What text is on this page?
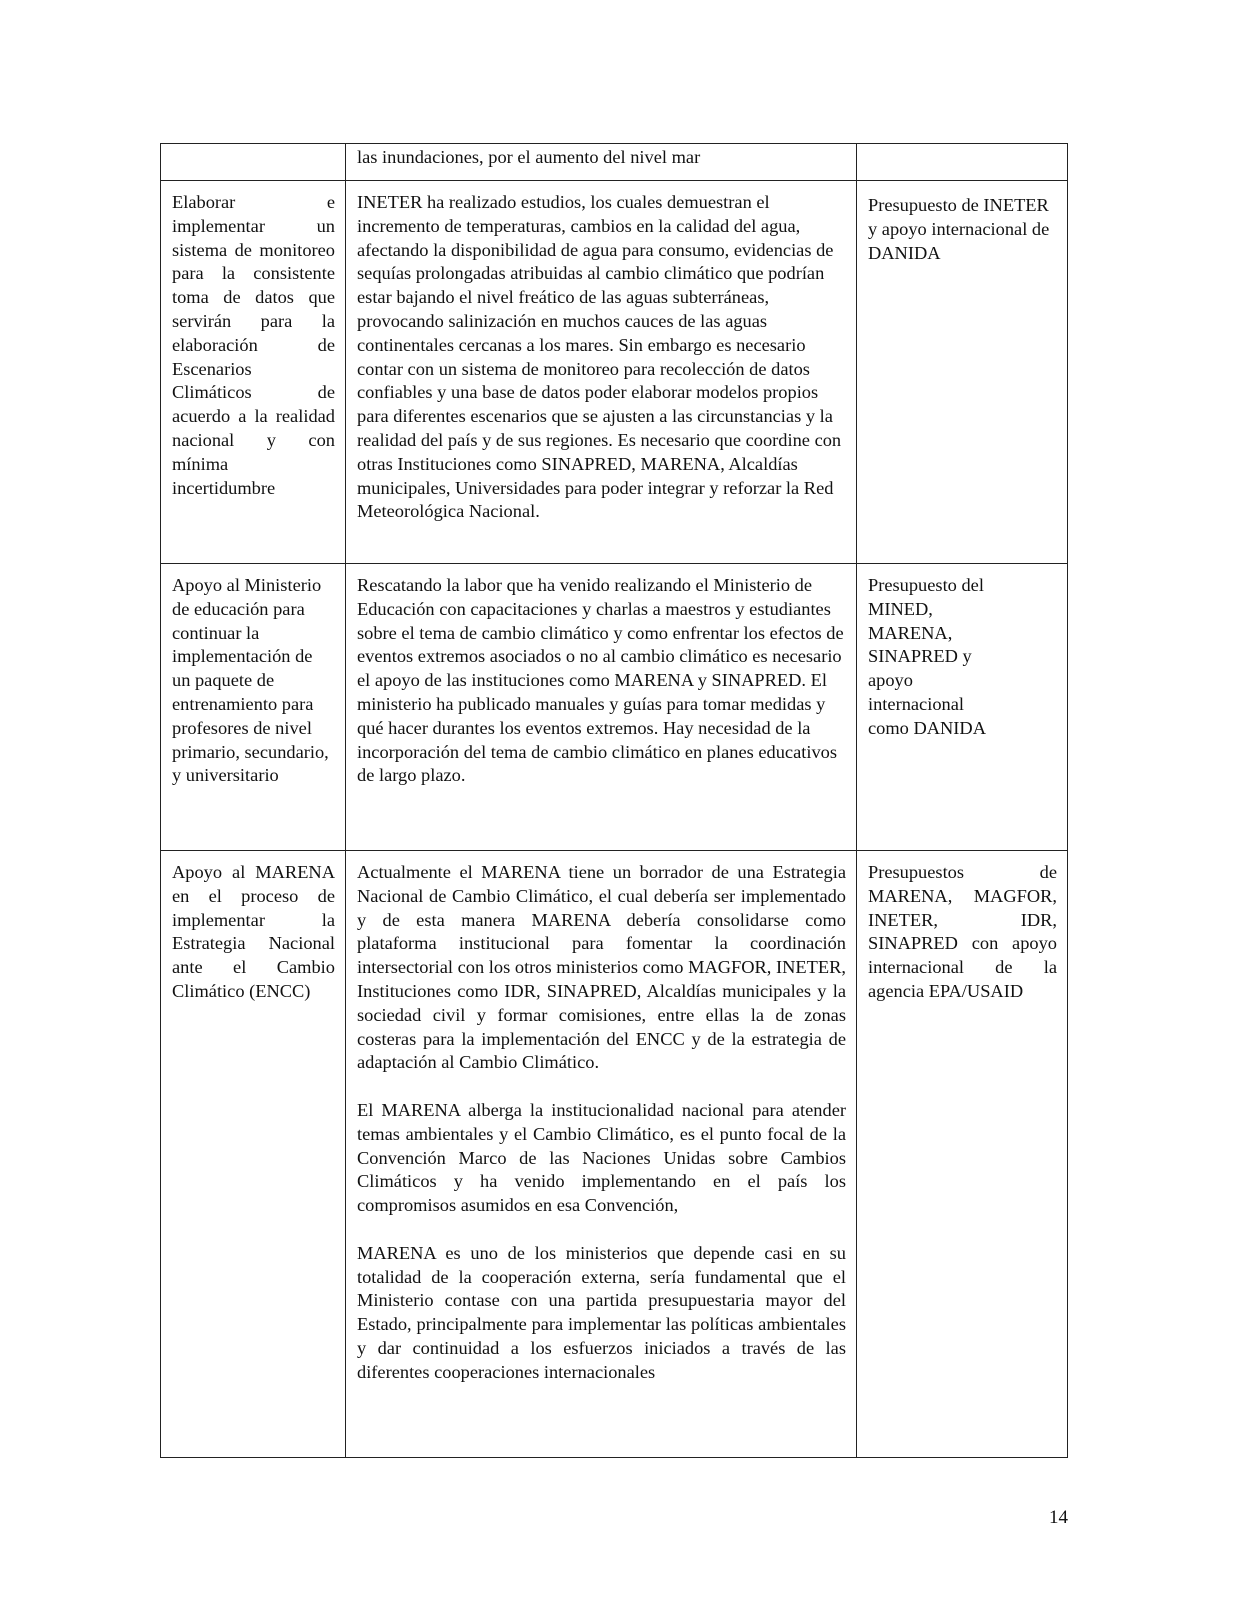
	las inundaciones, por el aumento del nivel mar	

Elaborar e implementar un sistema de monitoreo para la consistente toma de datos que servirán para la elaboración de Escenarios Climáticos de acuerdo a la realidad nacional y con mínima incertidumbre	INETER ha realizado estudios, los cuales demuestran el incremento de temperaturas, cambios en la calidad del agua, afectando la disponibilidad de agua para consumo, evidencias de sequías prolongadas atribuidas al cambio climático que podrían estar bajando el nivel freático de las aguas subterráneas, provocando salinización en muchos cauces de las aguas continentales cercanas a los mares. Sin embargo es necesario contar con un sistema de monitoreo para recolección de datos confiables y una base de datos poder elaborar modelos propios para diferentes escenarios que se ajusten a las circunstancias y la realidad del país y de sus regiones. Es necesario que coordine con otras Instituciones como SINAPRED, MARENA, Alcaldías municipales, Universidades para poder integrar y reforzar la Red Meteorológica Nacional.	Presupuesto de INETER y apoyo internacional de DANIDA
Apoyo al Ministerio de educación para continuar la implementación de un paquete de entrenamiento para profesores de nivel primario, secundario, y universitario	Rescatando la labor que ha venido realizando el Ministerio de Educación con capacitaciones y charlas a maestros y estudiantes sobre el tema de cambio climático y como enfrentar los efectos de eventos extremos asociados o no al cambio climático es necesario el apoyo de las instituciones como MARENA y SINAPRED. El ministerio ha publicado manuales y guías para tomar medidas y qué hacer durantes los eventos extremos. Hay necesidad de la incorporación del tema de cambio climático en planes educativos de largo plazo.	Presupuesto del MINED, MARENA, SINAPRED y apoyo internacional como DANIDA
Apoyo al MARENA en el proceso de implementar la Estrategia Nacional ante el Cambio Climático (ENCC)	Actualmente el MARENA tiene un borrador de una Estrategia Nacional de Cambio Climático, el cual debería ser implementado y de esta manera MARENA debería consolidarse como plataforma institucional para fomentar la coordinación intersectorial con los otros ministerios como MAGFOR, INETER, Instituciones como IDR, SINAPRED, Alcaldías municipales y la sociedad civil y formar comisiones, entre ellas la de zonas costeras para la implementación del ENCC y de la estrategia de adaptación al Cambio Climático.

El MARENA alberga la institucionalidad nacional para atender temas ambientales y el Cambio Climático, es el punto focal de la Convención Marco de las Naciones Unidas sobre Cambios Climáticos y ha venido implementando en el país los compromisos asumidos en esa Convención,

MARENA es uno de los ministerios que depende casi en su totalidad de la cooperación externa, sería fundamental que el Ministerio contase con una partida presupuestaria mayor del Estado, principalmente para implementar las políticas ambientales y dar continuidad a los esfuerzos iniciados a través de las diferentes cooperaciones internacionales	Presupuestos de MARENA, MAGFOR, INETER, IDR, SINAPRED con apoyo internacional de la agencia EPA/USAID
14
